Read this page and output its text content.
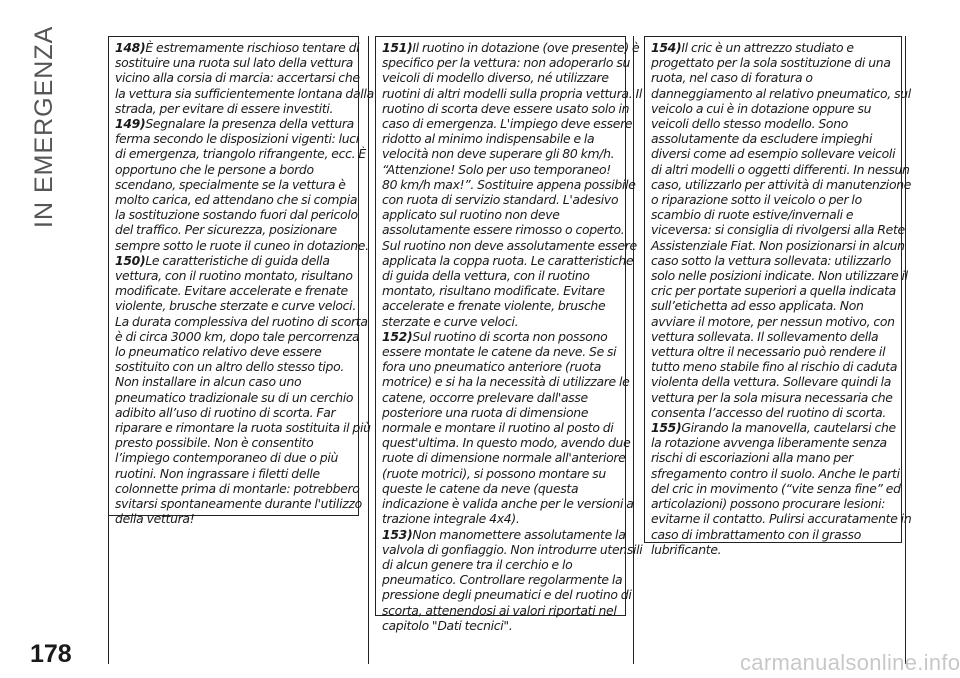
IN EMERGENZA	148)È estremamente rischioso tentare di
sostituire una ruota sul lato della vettura
vicino alla corsia di marcia: accertarsi che
la vettura sia sufficientemente lontana dalla
strada, per evitare di essere investiti.
149)Segnalare la presenza della vettura
ferma secondo le disposizioni vigenti: luci
di emergenza, triangolo rifrangente, ecc. È
opportuno che le persone a bordo
scendano, specialmente se la vettura è
molto carica, ed attendano che si compia
la sostituzione sostando fuori dal pericolo
del traffico. Per sicurezza, posizionare
sempre sotto le ruote il cuneo in dotazione.
150)Le caratteristiche di guida della
vettura, con il ruotino montato, risultano
modificate. Evitare accelerate e frenate
violente, brusche sterzate e curve veloci.
La durata complessiva del ruotino di scorta
è di circa 3000 km, dopo tale percorrenza
lo pneumatico relativo deve essere
sostituito con un altro dello stesso tipo.
Non installare in alcun caso uno
pneumatico tradizionale su di un cerchio
adibito all’uso di ruotino di scorta. Far
riparare e rimontare la ruota sostituita il più
presto possibile. Non è consentito
l’impiego contemporaneo di due o più
ruotini. Non ingrassare i filetti delle
colonnette prima di montarle: potrebbero
svitarsi spontaneamente durante l'utilizzo
della vettura!
151)Il ruotino in dotazione (ove presente) è
specifico per la vettura: non adoperarlo su
veicoli di modello diverso, né utilizzare
ruotini di altri modelli sulla propria vettura. Il
ruotino di scorta deve essere usato solo in
caso di emergenza. L'impiego deve essere
ridotto al minimo indispensabile e la
velocità non deve superare gli 80 km/h.
“Attenzione! Solo per uso temporaneo!
80 km/h max!”. Sostituire appena possibile
con ruota di servizio standard. L'adesivo
applicato sul ruotino non deve
assolutamente essere rimosso o coperto.
Sul ruotino non deve assolutamente essere
applicata la coppa ruota. Le caratteristiche
di guida della vettura, con il ruotino
montato, risultano modificate. Evitare
accelerate e frenate violente, brusche
sterzate e curve veloci.
152)Sul ruotino di scorta non possono
essere montate le catene da neve. Se si
fora uno pneumatico anteriore (ruota
motrice) e si ha la necessità di utilizzare le
catene, occorre prelevare dall'asse
posteriore una ruota di dimensione
normale e montare il ruotino al posto di
quest'ultima. In questo modo, avendo due
ruote di dimensione normale all'anteriore
(ruote motrici), si possono montare su
queste le catene da neve (questa
indicazione è valida anche per le versioni a
trazione integrale 4x4).
153)Non manomettere assolutamente la
valvola di gonfiaggio. Non introdurre utensili
di alcun genere tra il cerchio e lo
pneumatico. Controllare regolarmente la
pressione degli pneumatici e del ruotino di
scorta, attenendosi ai valori riportati nel
capitolo "Dati tecnici".
154)Il cric è un attrezzo studiato e
progettato per la sola sostituzione di una
ruota, nel caso di foratura o
danneggiamento al relativo pneumatico, sul
veicolo a cui è in dotazione oppure su
veicoli dello stesso modello. Sono
assolutamente da escludere impieghi
diversi come ad esempio sollevare veicoli
di altri modelli o oggetti differenti. In nessun
caso, utilizzarlo per attività di manutenzione
o riparazione sotto il veicolo o per lo
scambio di ruote estive/invernali e
viceversa: si consiglia di rivolgersi alla Rete
Assistenziale Fiat. Non posizionarsi in alcun
caso sotto la vettura sollevata: utilizzarlo
solo nelle posizioni indicate. Non utilizzare il
cric per portate superiori a quella indicata
sull’etichetta ad esso applicata. Non
avviare il motore, per nessun motivo, con
vettura sollevata. Il sollevamento della
vettura oltre il necessario può rendere il
tutto meno stabile fino al rischio di caduta
violenta della vettura. Sollevare quindi la
vettura per la sola misura necessaria che
consenta l’accesso del ruotino di scorta.
155)Girando la manovella, cautelarsi che
la rotazione avvenga liberamente senza
rischi di escoriazioni alla mano per
sfregamento contro il suolo. Anche le parti
del cric in movimento (“vite senza fine” ed
articolazioni) possono procurare lesioni:
evitarne il contatto. Pulirsi accuratamente in
caso di imbrattamento con il grasso
lubrificante.
178	carmanualsonline.info
